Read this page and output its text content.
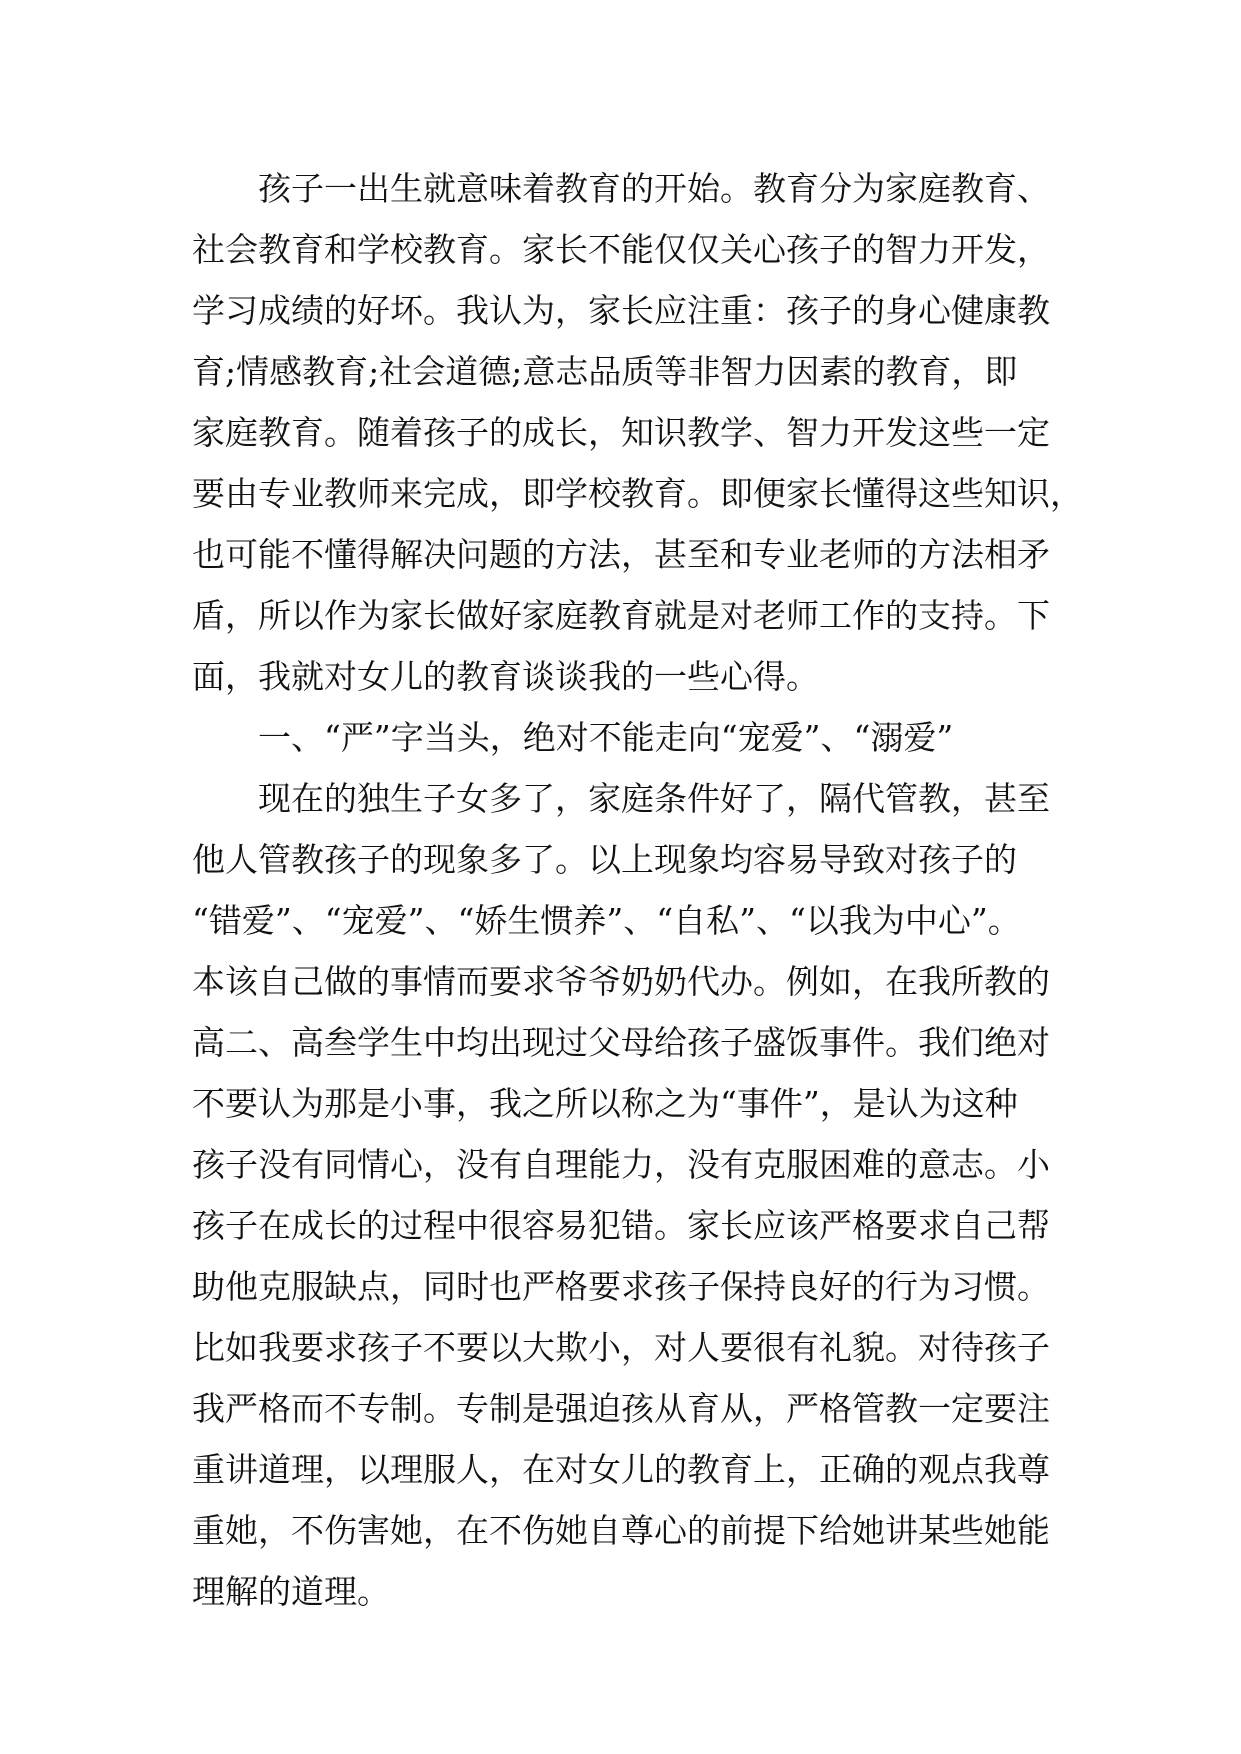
孩子一出生就意味着教育的开始。教育分为家庭教育、
社会教育和学校教育。家长不能仅仅关心孩子的智力开发，
学习成绩的好坏。我认为，家长应注重：孩子的身心健康教
育;情感教育;社会道德;意志品质等非智力因素的教育，即
家庭教育。随着孩子的成长，知识教学、智力开发这些一定
要由专业教师来完成，即学校教育。即便家长懂得这些知识，
也可能不懂得解决问题的方法，甚至和专业老师的方法相矛
盾，所以作为家长做好家庭教育就是对老师工作的支持。下
面，我就对女儿的教育谈谈我的一些心得。
一、“严”字当头，绝对不能走向“宠爱”、“溺爱”
现在的独生子女多了，家庭条件好了，隔代管教，甚至
他人管教孩子的现象多了。以上现象均容易导致对孩子的
“错爱”、“宠爱”、“娇生惯养”、“自私”、“以我为中心”。
本该自己做的事情而要求爷爷奶奶代办。例如，在我所教的
高二、高叁学生中均出现过父母给孩子盛饭事件。我们绝对
不要认为那是小事，我之所以称之为“事件”，是认为这种
孩子没有同情心，没有自理能力，没有克服困难的意志。小
孩子在成长的过程中很容易犯错。家长应该严格要求自己帮
助他克服缺点，同时也严格要求孩子保持良好的行为习惯。
比如我要求孩子不要以大欺小，对人要很有礼貌。对待孩子
我严格而不专制。专制是强迫孩从育从，严格管教一定要注
重讲道理，以理服人，在对女儿的教育上，正确的观点我尊
重她，不伤害她，在不伤她自尊心的前提下给她讲某些她能
理解的道理。
